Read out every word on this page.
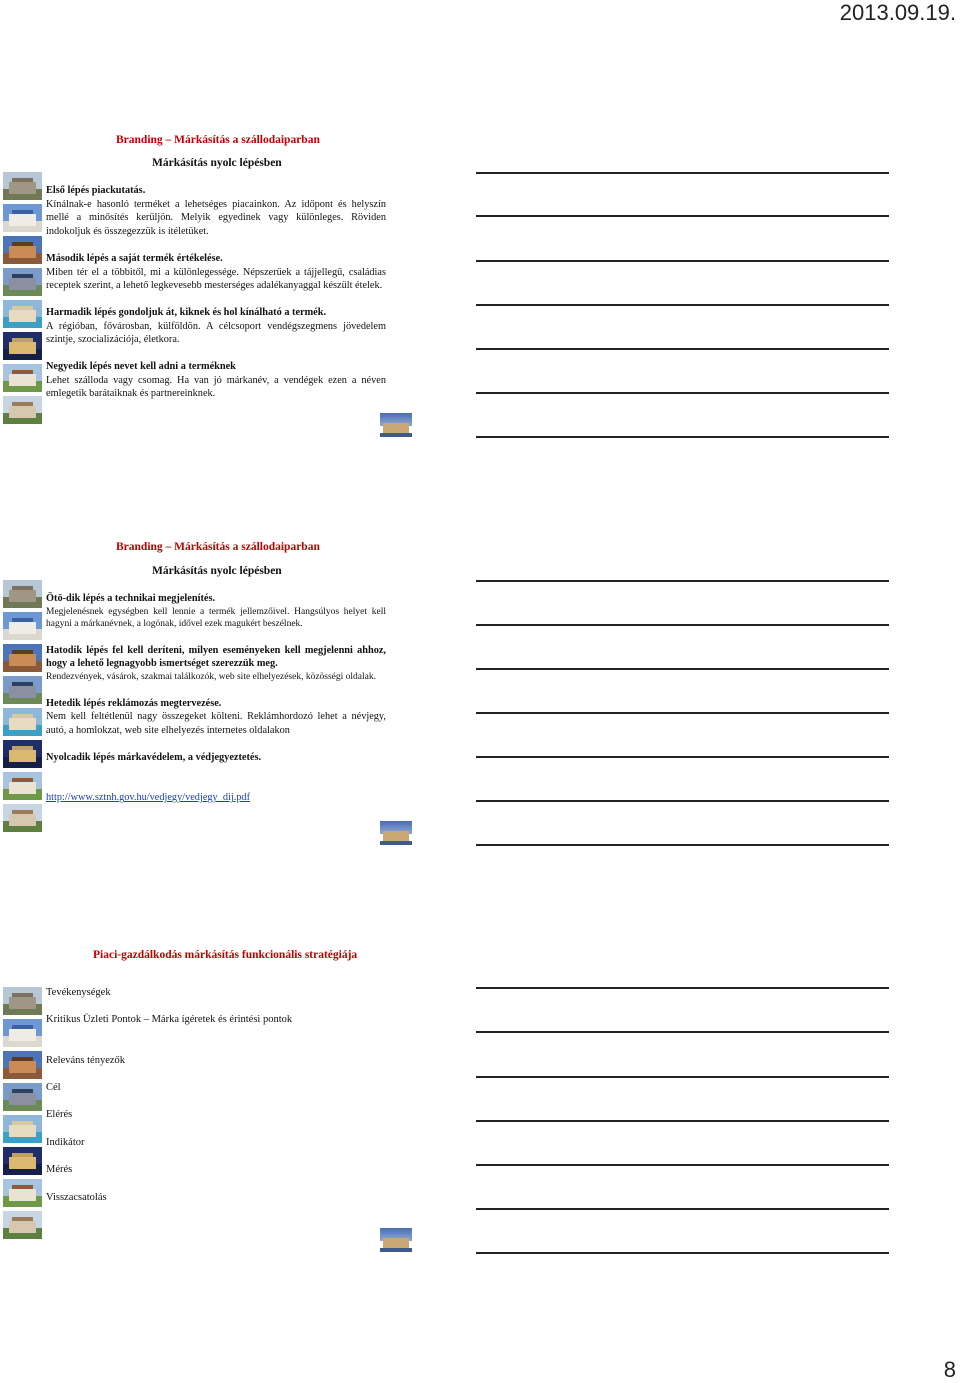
2013.09.19.
Branding – Márkásítás a szállodaiparban
Márkásítás nyolc lépésben

Első lépés piackutatás.

Kínálnak-e hasonló terméket a lehetséges piacainkon. Az időpont és helyszín mellé a minősítés kerüljön. Melyik egyedinek vagy különleges. Röviden indokoljuk és összegezzük is ítéletüket.

Második lépés a saját termék értékelése.

Miben tér el a többitől, mi a különlegessége. Népszerűek a tájjellegű, családias receptek szerint, a lehető legkevesebb mesterséges adalékanyaggal készült ételek.

Harmadik lépés gondoljuk át, kiknek és hol kínálható a termék.

A régióban, fővárosban, külföldön. A célcsoport vendégszegmens jövedelem szintje, szocializációja, életkora.

Negyedik lépés nevet kell adni a terméknek

Lehet szálloda vagy csomag. Ha van jó márkanév, a vendégek ezen a néven emlegetik barátaiknak és partnereinknek.

Branding – Márkásítás a szállodaiparban
Márkásítás nyolc lépésben

Ötö-dik lépés a technikai megjelenítés.

Megjelenésnek egységben kell lennie a termék jellemzőivel. Hangsúlyos helyet kell hagyni a márkanévnek, a logónak, idővel ezek magukért beszélnek.

Hatodik lépés fel kell deríteni, milyen eseményeken kell megjelenni ahhoz, hogy a lehető legnagyobb ismertséget szerezzük meg.

Rendezvények, vásárok, szakmai találkozók, web site elhelyezések, közösségi oldalak.

Hetedik lépés reklámozás megtervezése.

Nem kell feltétlenül nagy összegeket költeni. Reklámhordozó lehet a névjegy, autó, a homlokzat, web site elhelyezés internetes oldalakon

Nyolcadik lépés márkavédelem, a védjegyeztetés.

http://www.sztnh.gov.hu/vedjegy/vedjegy_dij.pdf

Piaci-gazdálkodás márkásítás funkcionális stratégiája

Tevékenységek

Kritikus Üzleti Pontok – Márka ígéretek és érintési pontok

Releváns tényezők

Cél

Elérés

Indikátor

Mérés

Visszacsatolás

8
